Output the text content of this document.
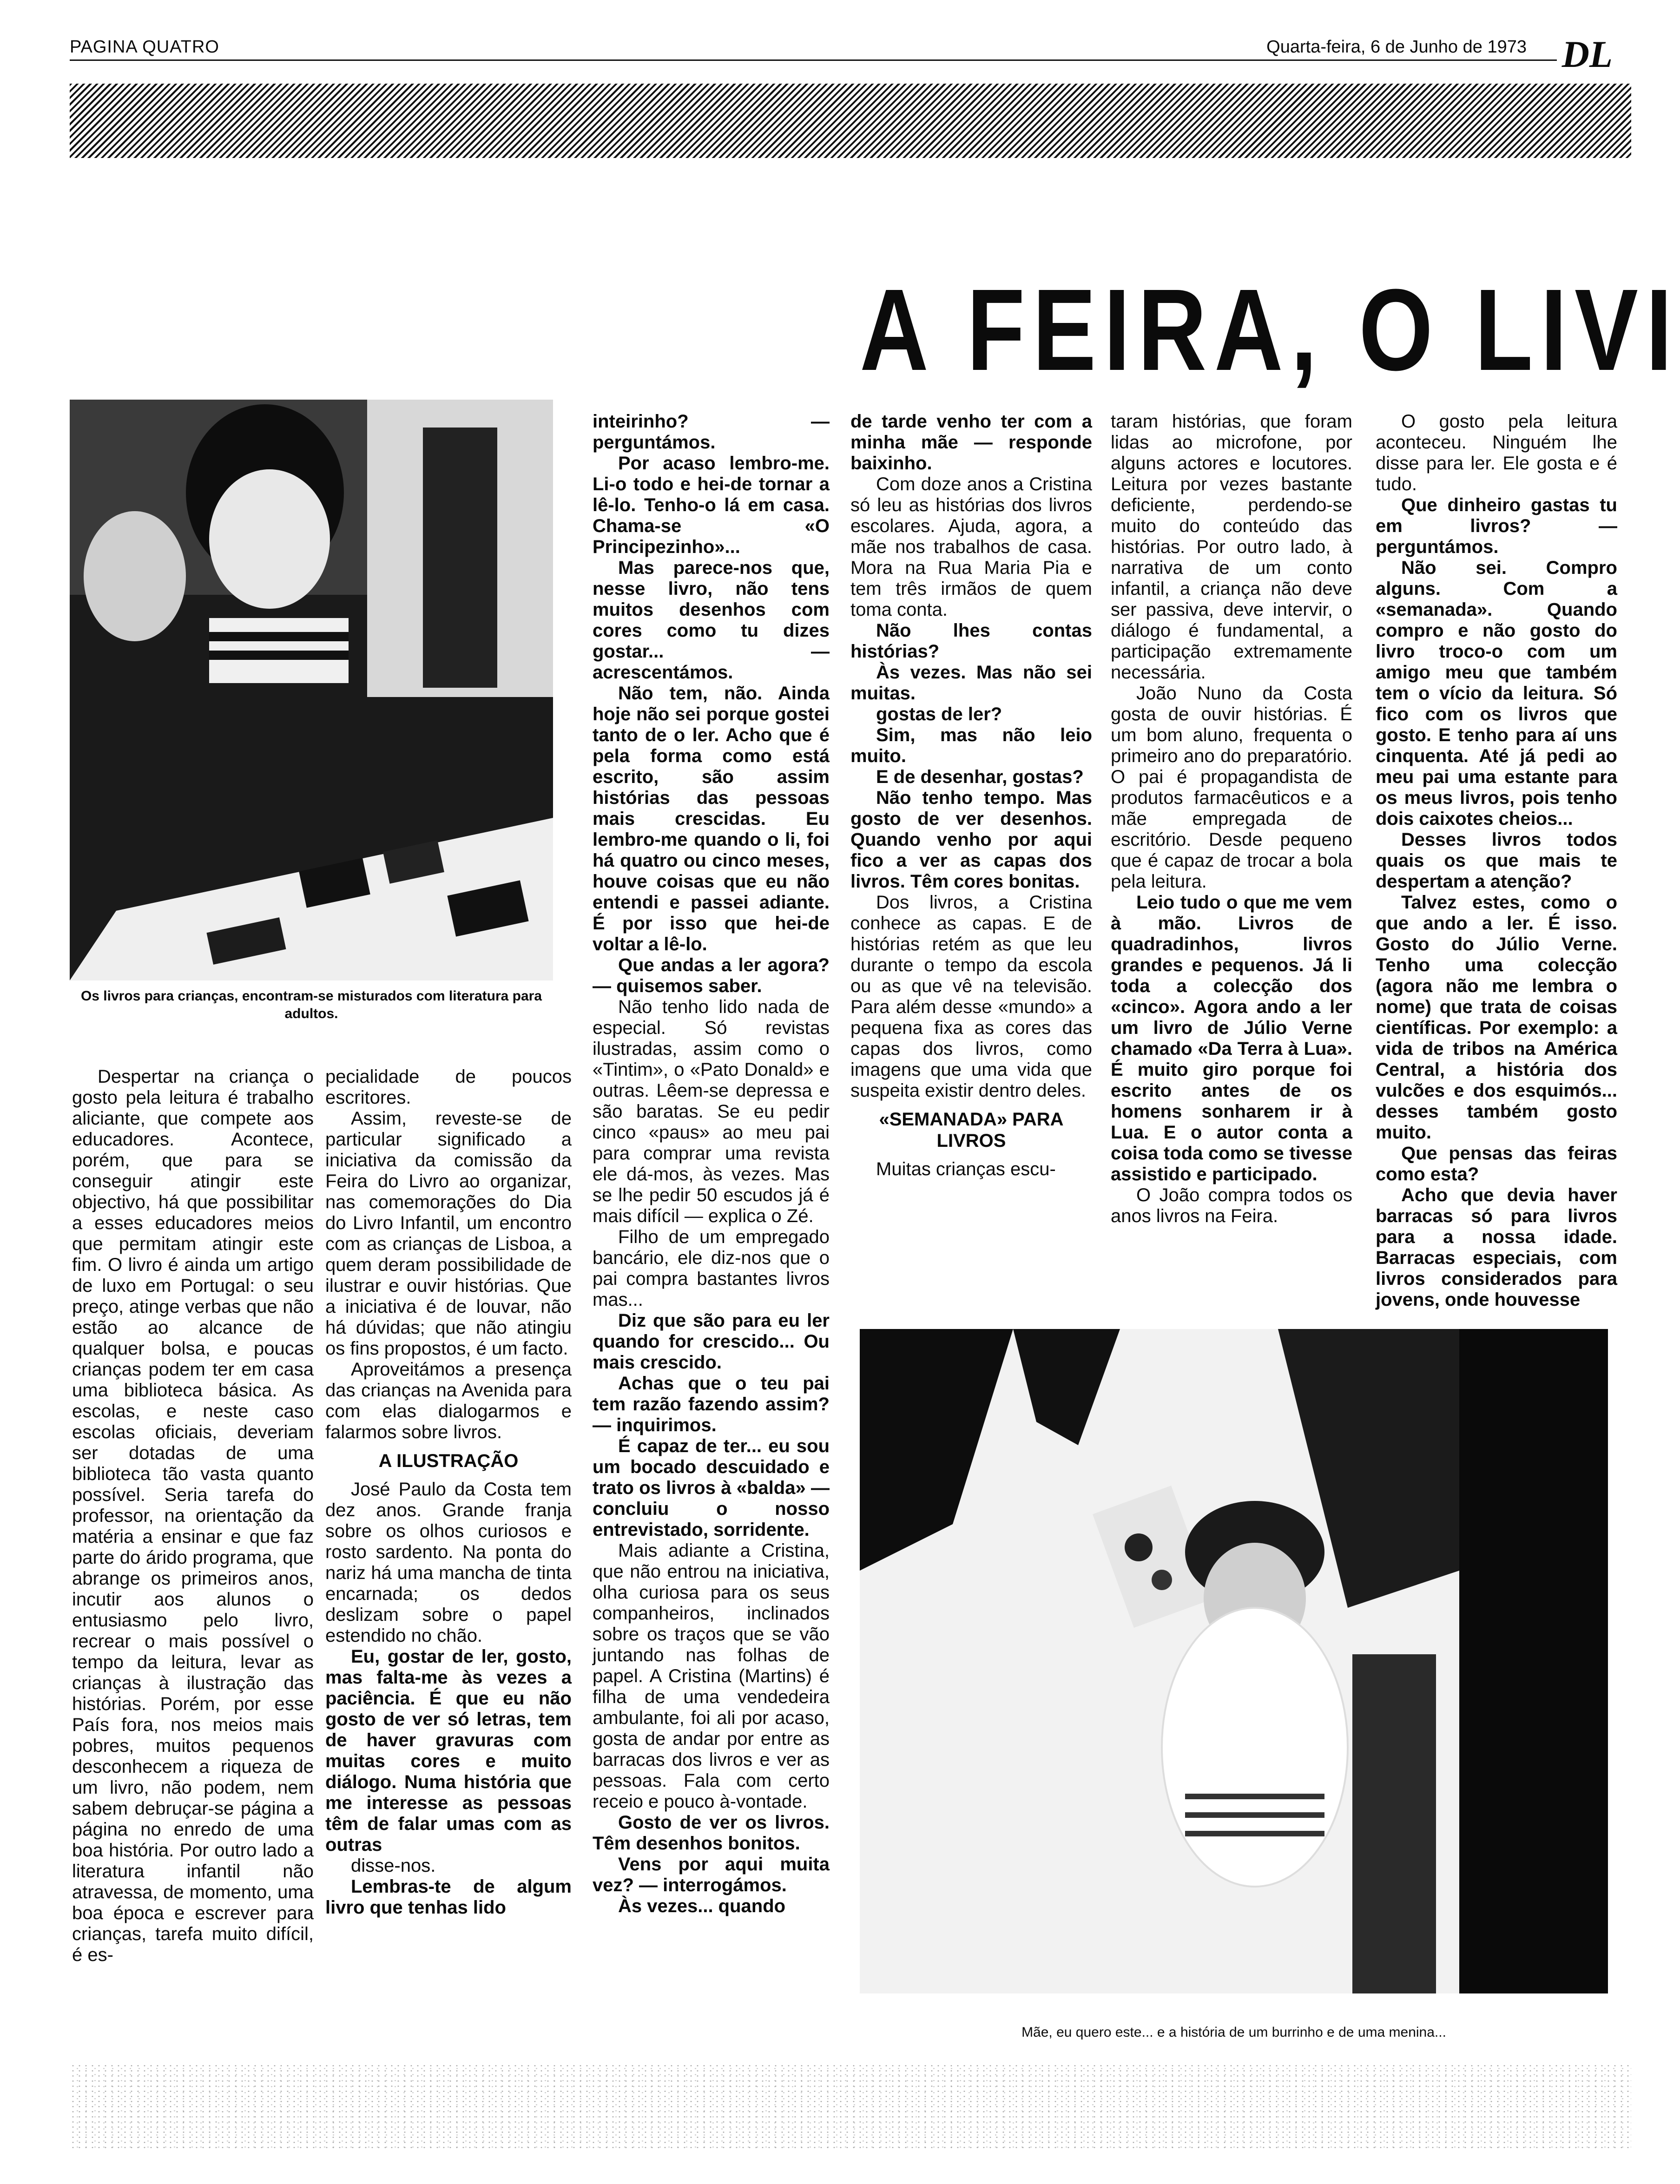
PAGINA QUATRO	Quarta-feira, 6 de Junho de 1973 DL
A FEIRA, O LIVI
Os livros para crianças, encontram-se misturados com literatura para adultos.
Mãe, eu quero este... e a história de um burrinho e de uma menina...

Despertar na criança o gosto pela leitura é trabalho aliciante, que compete aos educadores. Acontece, porém, que para se conseguir atingir este objectivo, há que possibilitar a esses educadores meios que permitam atingir este fim. O livro é ainda um artigo de luxo em Portugal: o seu preço, atinge verbas que não estão ao alcance de qualquer bolsa, e poucas crianças podem ter em casa uma biblioteca básica. As escolas, e neste caso escolas oficiais, deveriam ser dotadas de uma biblioteca tão vasta quanto possível. Seria tarefa do professor, na orientação da matéria a ensinar e que faz parte do árido programa, que abrange os primeiros anos, incutir aos alunos o entusiasmo pelo livro, recrear o mais possível o tempo da leitura, levar as crianças à ilustração das histórias. Porém, por esse País fora, nos meios mais pobres, muitos pequenos desconhecem a riqueza de um livro, não podem, nem sabem debruçar-se página a página no enredo de uma boa história. Por outro lado a literatura infantil não atravessa, de momento, uma boa época e escrever para crianças, tarefa muito difícil, é es-

pecialidade de poucos escritores.

Assim, reveste-se de particular significado a iniciativa da comissão da Feira do Livro ao organizar, nas comemorações do Dia do Livro Infantil, um encontro com as crianças de Lisboa, a quem deram possibilidade de ilustrar e ouvir histórias. Que a iniciativa é de louvar, não há dúvidas; que não atingiu os fins propostos, é um facto.

Aproveitámos a presença das crianças na Avenida para com elas dialogarmos e falarmos sobre livros.

A ILUSTRAÇÃO

José Paulo da Costa tem dez anos. Grande franja sobre os olhos curiosos e rosto sardento. Na ponta do nariz há uma mancha de tinta encarnada; os dedos deslizam sobre o papel estendido no chão.

Eu, gostar de ler, gosto, mas falta-me às vezes a paciência. É que eu não gosto de ver só letras, tem de haver gravuras com muitas cores e muito diálogo. Numa história que me interesse as pessoas têm de falar umas com as outras

disse-nos.

Lembras-te de algum livro que tenhas lido

inteirinho? — perguntámos.

Por acaso lembro-me. Li-o todo e hei-de tornar a lê-lo. Tenho-o lá em casa. Chama-se «O Principezinho»...

Mas parece-nos que, nesse livro, não tens muitos desenhos com cores como tu dizes gostar... — acrescentámos.

Não tem, não. Ainda hoje não sei porque gostei tanto de o ler. Acho que é pela forma como está escrito, são assim histórias das pessoas mais crescidas. Eu lembro-me quando o li, foi há quatro ou cinco meses, houve coisas que eu não entendi e passei adiante. É por isso que hei-de voltar a lê-lo.

Que andas a ler agora? — quisemos saber.

Não tenho lido nada de especial. Só revistas ilustradas, assim como o «Tintim», o «Pato Donald» e outras. Lêem-se depressa e são baratas. Se eu pedir cinco «paus» ao meu pai para comprar uma revista ele dá-mos, às vezes. Mas se lhe pedir 50 escudos já é mais difícil — explica o Zé.

Filho de um empregado bancário, ele diz-nos que o pai compra bastantes livros mas...

Diz que são para eu ler quando for crescido... Ou mais crescido.

Achas que o teu pai tem razão fazendo assim? — inquirimos.

É capaz de ter... eu sou um bocado descuidado e trato os livros à «balda» — concluiu o nosso entrevistado, sorridente.

Mais adiante a Cristina, que não entrou na iniciativa, olha curiosa para os seus companheiros, inclinados sobre os traços que se vão juntando nas folhas de papel. A Cristina (Martins) é filha de uma vendedeira ambulante, foi ali por acaso, gosta de andar por entre as barracas dos livros e ver as pessoas. Fala com certo receio e pouco à-vontade.

Gosto de ver os livros. Têm desenhos bonitos.

Vens por aqui muita vez? — interrogámos.

Às vezes... quando

de tarde venho ter com a minha mãe — responde baixinho.

Com doze anos a Cristina só leu as histórias dos livros escolares. Ajuda, agora, a mãe nos trabalhos de casa. Mora na Rua Maria Pia e tem três irmãos de quem toma conta.

Não lhes contas histórias?

Às vezes. Mas não sei muitas.

gostas de ler?

Sim, mas não leio muito.

E de desenhar, gostas?

Não tenho tempo. Mas gosto de ver desenhos. Quando venho por aqui fico a ver as capas dos livros. Têm cores bonitas.

Dos livros, a Cristina conhece as capas. E de histórias retém as que leu durante o tempo da escola ou as que vê na televisão. Para além desse «mundo» a pequena fixa as cores das capas dos livros, como imagens que uma vida que suspeita existir dentro deles.

«SEMANADA» PARA LIVROS

Muitas crianças escu-

taram histórias, que foram lidas ao microfone, por alguns actores e locutores. Leitura por vezes bastante deficiente, perdendo-se muito do conteúdo das histórias. Por outro lado, à narrativa de um conto infantil, a criança não deve ser passiva, deve intervir, o diálogo é fundamental, a participação extremamente necessária.

João Nuno da Costa gosta de ouvir histórias. É um bom aluno, frequenta o primeiro ano do preparatório. O pai é propagandista de produtos farmacêuticos e a mãe empregada de escritório. Desde pequeno que é capaz de trocar a bola pela leitura.

Leio tudo o que me vem à mão. Livros de quadradinhos, livros grandes e pequenos. Já li toda a colecção dos «cinco». Agora ando a ler um livro de Júlio Verne chamado «Da Terra à Lua». É muito giro porque foi escrito antes de os homens sonharem ir à Lua. E o autor conta a coisa toda como se tivesse assistido e participado.

O João compra todos os anos livros na Feira.

O gosto pela leitura aconteceu. Ninguém lhe disse para ler. Ele gosta e é tudo.

Que dinheiro gastas tu em livros? — perguntámos.

Não sei. Compro alguns. Com a «semanada». Quando compro e não gosto do livro troco-o com um amigo meu que também tem o vício da leitura. Só fico com os livros que gosto. E tenho para aí uns cinquenta. Até já pedi ao meu pai uma estante para os meus livros, pois tenho dois caixotes cheios...

Desses livros todos quais os que mais te despertam a atenção?

Talvez estes, como o que ando a ler. É isso. Gosto do Júlio Verne. Tenho uma colecção (agora não me lembra o nome) que trata de coisas científicas. Por exemplo: a vida de tribos na América Central, a história dos vulcões e dos esquimós... desses também gosto muito.

Que pensas das feiras como esta?

Acho que devia haver barracas só para livros para a nossa idade. Barracas especiais, com livros considerados para jovens, onde houvesse
